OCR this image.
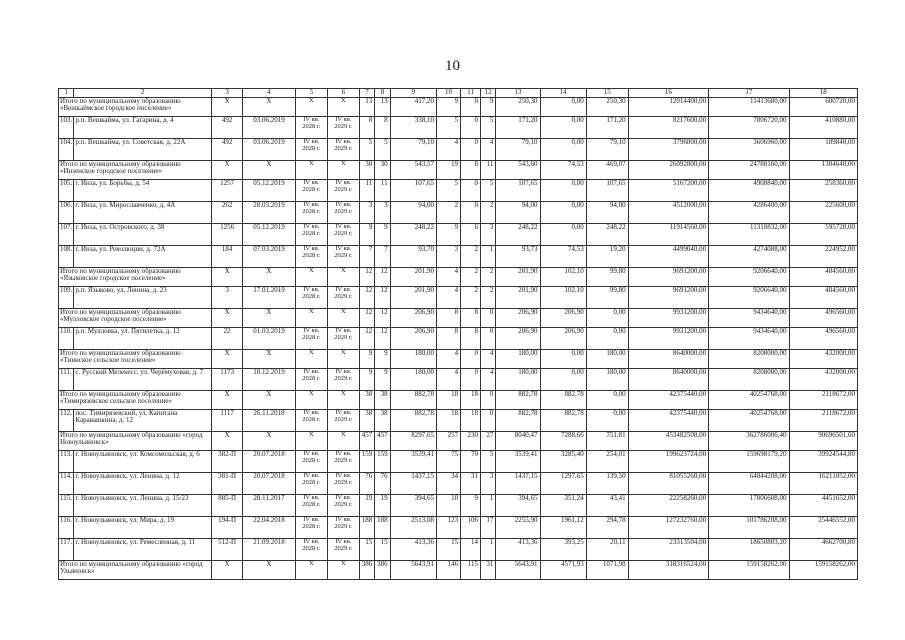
10
1	2	3	4	5	6	7	8	9	10	11	12	13	14	15	16	17	18
Итого по муниципальному образованию «Вешкаймское городское поселение»		X	X	X	X	13	13	417,20	9	0	9	250,30	0,00	250,30	12014400,00	11413680,00	600720,00
103.	р.п. Вешкайма, ул. Гагарина, д. 4	492	03.06.2019	IV кв. 2028 г.	IV кв. 2029 г.	8	8	338,10	5	0	5	171,20	0,00	171,20	8217600,00	7806720,00	410880,00
104.	р.п. Вешкайма, ул. Советская, д. 22А	492	03.06.2019	IV кв. 2028 г.	IV кв. 2029 г.	5	5	79,10	4	0	4	79,10	0,00	79,10	3796800,00	3606960,00	189840,00
Итого по муниципальному образованию «Инзенское городское поселение»		X	X	X	X	30	30	543,57	19	8	11	543,60	74,53	469,07	26092800,00	24788160,00	1304640,00
105.	г. Инза, ул. Борьбы, д. 54	1257	05.12.2019	IV кв. 2028 г.	IV кв. 2029 г.	11	11	107,65	5	0	5	107,65	0,00	107,65	5167200,00	4908840,00	258360,00
106.	г. Инза, ул. Мирославченко, д. 4А	262	28.03.2019	IV кв. 2028 г.	IV кв. 2029 г.	3	3	94,00	2	0	2	94,00	0,00	94,00	4512000,00	4286400,00	225600,00
107.	г. Инза, ул. Островского, д. 38	1256	05.12.2019	IV кв. 2028 г.	IV кв. 2029 г.	9	9	248,22	9	6	3	248,22	0,00	248,22	11914560,00	11318832,00	595728,00
108.	г. Инза, ул. Революции, д. 72А	184	07.03.2019	IV кв. 2028 г.	IV кв. 2029 г.	7	7	93,70	3	2	1	93,73	74,53	19,20	4499040,00	4274088,00	224952,00
Итого по муниципальному образованию «Языковское городское поселение»		X	X	X	X	12	12	201,90	4	2	2	201,90	102,10	99,80	9691200,00	9206640,00	484560,00
109.	р.п. Языково, ул. Ленина, д. 23	3	17.01.2019	IV кв. 2028 г.	IV кв. 2029 г.	12	12	201,90	4	2	2	201,90	102,10	99,80	9691200,00	9206640,00	484560,00
Итого по муниципальному образованию «Мулловское городское поселение»		X	X	X	X	12	12	206,90	8	8	0	206,90	206,90	0,00	9931200,00	9434640,00	496560,00
110.	р.п. Мулловка, ул. Пятилетка, д. 12	22	01.03.2019	IV кв. 2028 г.	IV кв. 2029 г.	12	12	206,90	8	8	0	206,90	206,90	0,00	9931200,00	9434640,00	496560,00
Итого по муниципальному образованию «Тиинское сельское поселение»		X	X	X	X	9	9	180,00	4	0	4	180,00	0,00	180,00	8640000,00	8208000,00	432000,00
111.	с. Русский Мелекесс, ул. Черёмуховая, д. 7	1173	10.12.2019	IV кв. 2028 г.	IV кв. 2029 г.	9	9	180,00	4	0	4	180,00	0,00	180,00	8640000,00	8208000,00	432000,00
Итого по муниципальному образованию «Тимирязевское сельское поселение»		X	X	X	X	38	38	882,78	18	18	0	882,78	882,78	0,00	42375440,00	40254768,00	2118672,00
112.	пос. Тимирязевский, ул. Капитана Каравашкина, д. 12	1117	26.11.2018	IV кв. 2028 г.	IV кв. 2029 г.	38	38	882,78	18	18	0	882,78	882,78	0,00	42375440,00	40254768,00	2118672,00
Итого по муниципальному образованию «город Новоульяновск»		X	X	X	X	457	457	8297,65	257	230	27	8040,47	7288,66	751,81	453482508,00	362786006,40	90696501,60
113.	г. Новоульяновск, ул. Комсомольская, д. 6	382-П	20.07.2018	IV кв. 2028 г.	IV кв. 2029 г.	159	159	3539,41	75	70	5	3539,41	3285,40	254,01	199623724,00	159698179,20	39924544,80
114.	г. Новоульяновск, ул. Ленина, д. 12	381-П	20.07.2018	IV кв. 2028 г.	IV кв. 2029 г.	76	76	1437,15	34	31	3	1437,15	1297,65	139,50	81055260,00	64844208,00	16211052,00
115.	г. Новоульяновск, ул. Ленина, д. 15/23	885-П	28.11.2017	IV кв. 2028 г.	IV кв. 2029 г.	19	19	394,65	10	9	1	394,65	351,24	43,41	22258260,00	17806608,00	4451652,00
116.	г. Новоульяновск, ул. Мира, д. 19	194-П	22.04.2018	IV кв. 2028 г.	IV кв. 2029 г.	188	188	2513,08	123	106	17	2255,90	1961,12	294,78	127232760,00	101786208,00	25446552,00
117.	г. Новоульяновск, ул. Ремесленная, д. 11	512-П	21.09.2018	IV кв. 2028 г.	IV кв. 2029 г.	15	15	413,36	15	14	1	413,36	393,25	20,11	23313504,00	18650803,20	4662700,80
Итого по муниципальному образованию «город Ульяновск»		X	X	X	X	386	386	5643,91	146	115	31	5643,91	4571,93	1071,98	318316524,00	159158262,00	159158262,00
